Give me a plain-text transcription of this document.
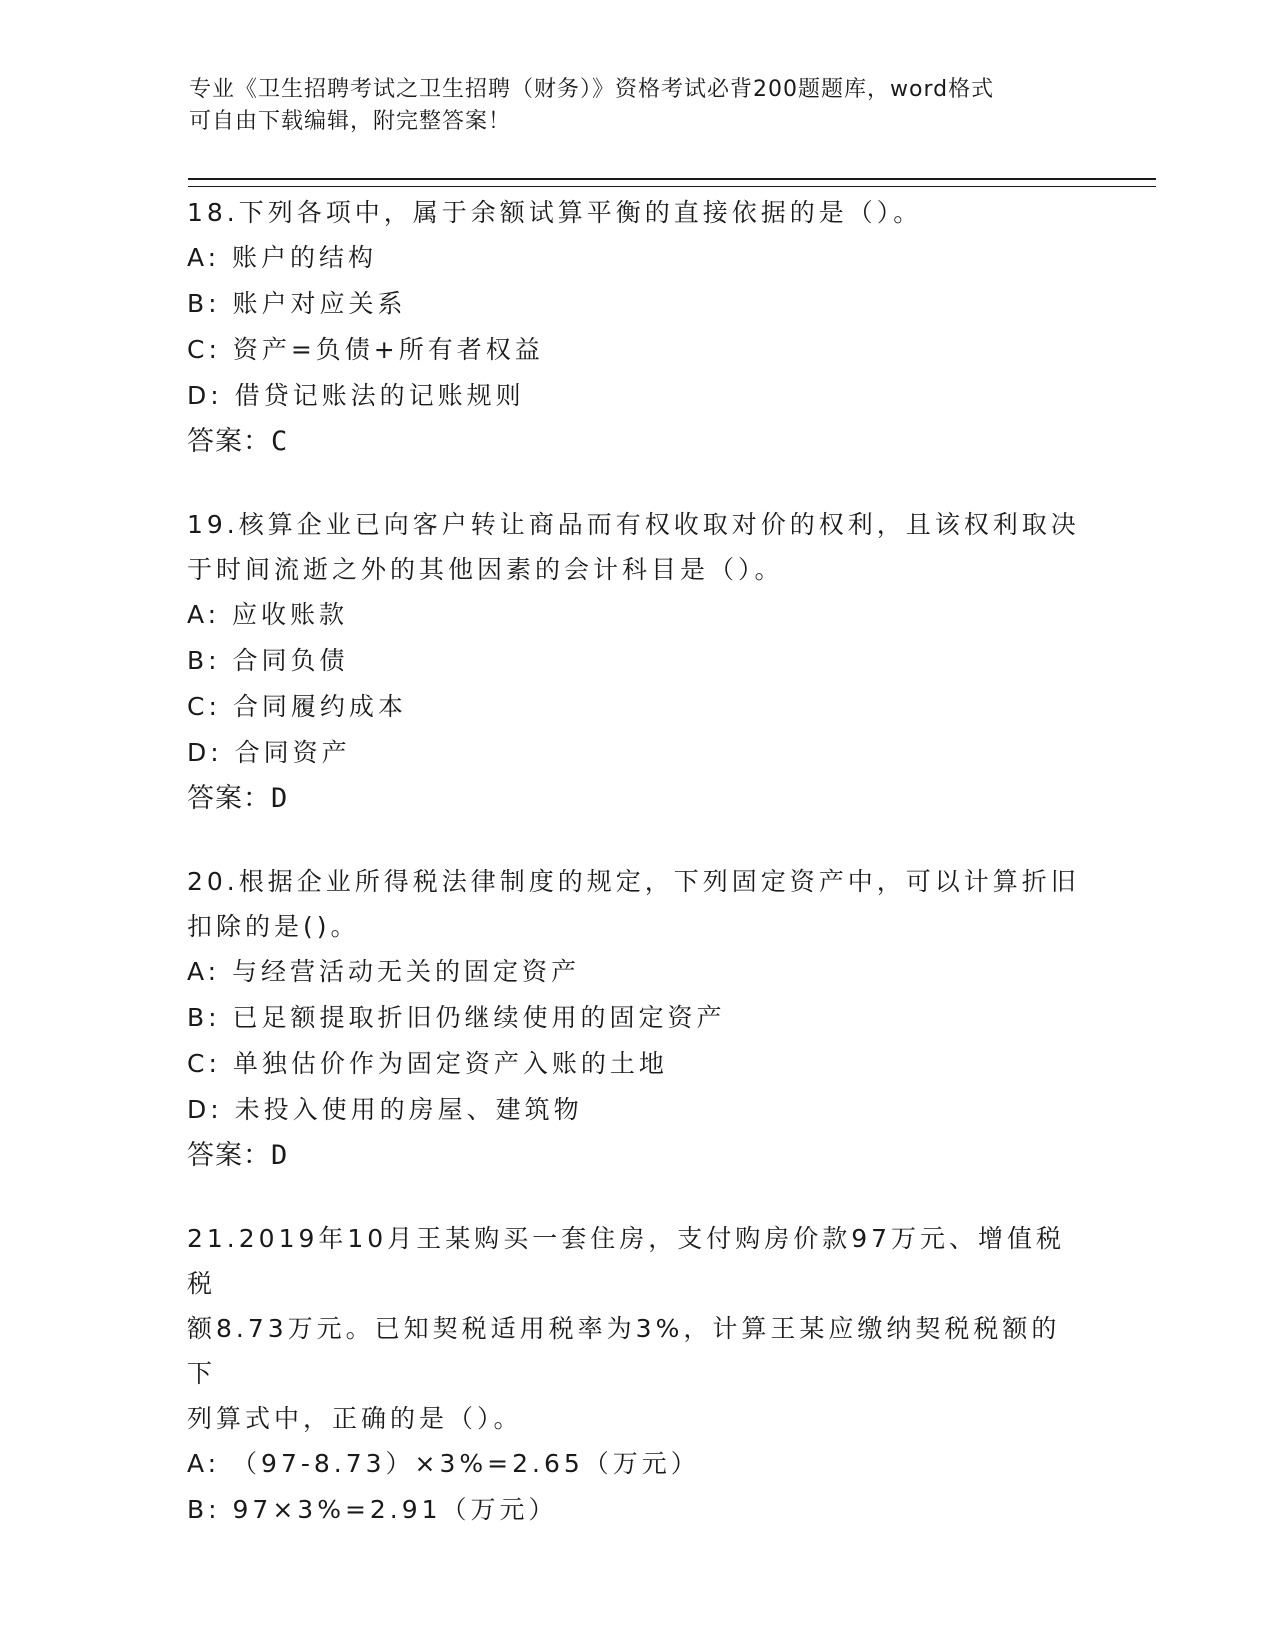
专业《卫生招聘考试之卫生招聘（财务）》资格考试必背200题题库，word格式
可自由下载编辑，附完整答案！
18.下列各项中，属于余额试算平衡的直接依据的是（）。
A: 账户的结构
B: 账户对应关系
C: 资产=负债+所有者权益
D: 借贷记账法的记账规则
答案：C
19.核算企业已向客户转让商品而有权收取对价的权利，且该权利取决
于时间流逝之外的其他因素的会计科目是（）。
A: 应收账款
B: 合同负债
C: 合同履约成本
D: 合同资产
答案：D
20.根据企业所得税法律制度的规定，下列固定资产中，可以计算折旧
扣除的是()。
A: 与经营活动无关的固定资产
B: 已足额提取折旧仍继续使用的固定资产
C: 单独估价作为固定资产入账的土地
D: 未投入使用的房屋、建筑物
答案：D
21.2019年10月王某购买一套住房，支付购房价款97万元、增值税税
额8.73万元。已知契税适用税率为3%，计算王某应缴纳契税税额的下
列算式中，正确的是（）。
A: （97-8.73）×3%=2.65（万元）
B: 97×3%=2.91（万元）
